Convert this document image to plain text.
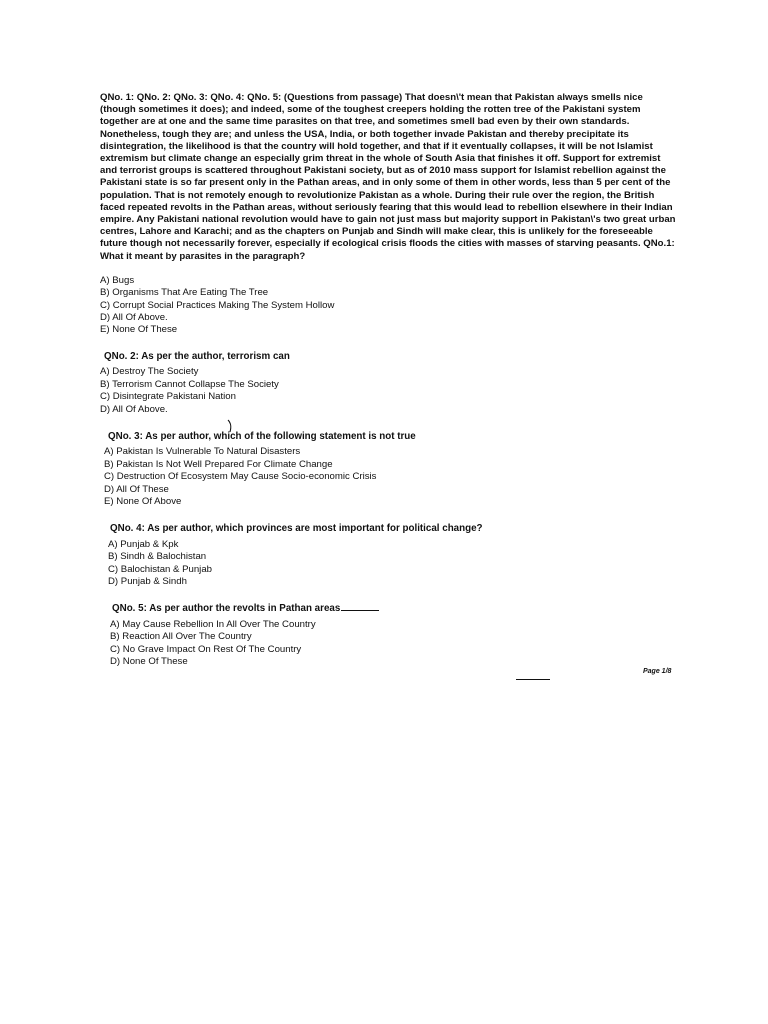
QNo. 1: QNo. 2: QNo. 3: QNo. 4: QNo. 5: (Questions from passage) That doesn\'t mean that Pakistan always smells nice (though sometimes it does); and indeed, some of the toughest creepers holding the rotten tree of the Pakistani system together are at one and the same time parasites on that tree, and sometimes smell bad even by their own standards. Nonetheless, tough they are; and unless the USA, India, or both together invade Pakistan and thereby precipitate its disintegration, the likelihood is that the country will hold together, and that if it eventually collapses, it will be not Islamist extremism but climate change an especially grim threat in the whole of South Asia that finishes it off. Support for extremist and terrorist groups is scattered throughout Pakistani society, but as of 2010 mass support for Islamist rebellion against the Pakistani state is so far present only in the Pathan areas, and in only some of them in other words, less than 5 per cent of the population. That is not remotely enough to revolutionize Pakistan as a whole. During their rule over the region, the British faced repeated revolts in the Pathan areas, without seriously fearing that this would lead to rebellion elsewhere in their Indian empire. Any Pakistani national revolution would have to gain not just mass but majority support in Pakistan\'s two great urban centres, Lahore and Karachi; and as the chapters on Punjab and Sindh will make clear, this is unlikely for the foreseeable future though not necessarily forever, especially if ecological crisis floods the cities with masses of starving peasants. QNo.1: What it meant by parasites in the paragraph?

A) Bugs
B) Organisms That Are Eating The Tree
C) Corrupt Social Practices Making The System Hollow
D) All Of Above.
E) None Of These

QNo. 2: As per the author, terrorism can

A) Destroy The Society
B) Terrorism Cannot Collapse The Society
C) Disintegrate Pakistani Nation
D) All Of Above.

QNo. 3: As per author, which of the following statement is not true

A) Pakistan Is Vulnerable To Natural Disasters
B) Pakistan Is Not Well Prepared For Climate Change
C) Destruction Of Ecosystem May Cause Socio-economic Crisis
D) All Of These
E) None Of Above

QNo. 4: As per author, which provinces are most important for political change?

A) Punjab & Kpk
B) Sindh & Balochistan
C) Balochistan & Punjab
D) Punjab & Sindh

QNo. 5: As per author the revolts in Pathan areas

A) May Cause Rebellion In All Over The Country
B) Reaction All Over The Country
C) No Grave Impact On Rest Of The Country
D) None Of These
Page 1/8
